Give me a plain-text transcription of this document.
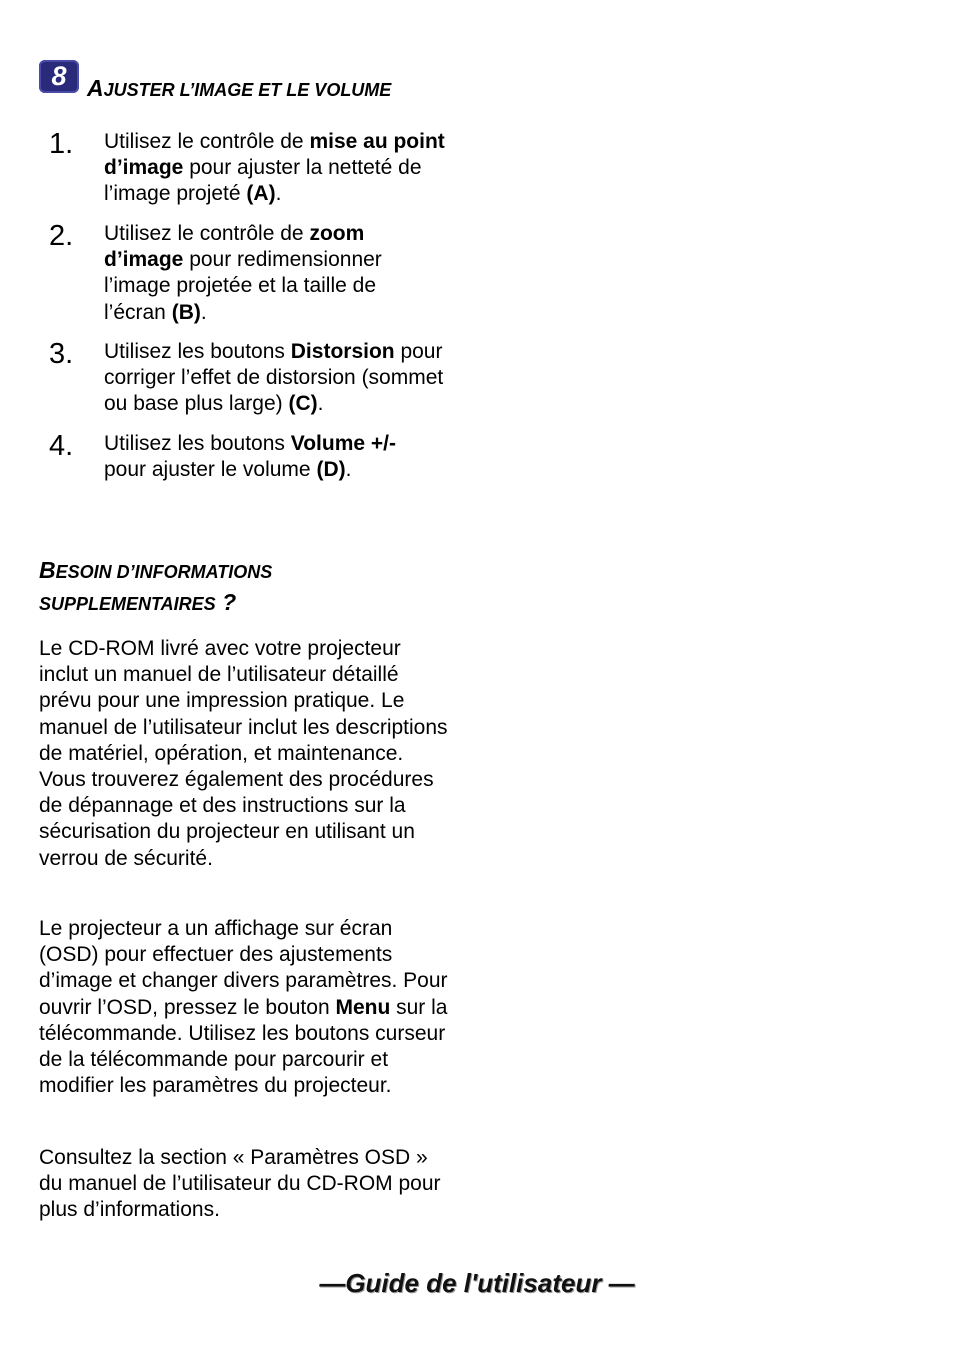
8 AJUSTER L’IMAGE ET LE VOLUME
1. Utilisez le contrôle de mise au point d’image pour ajuster la netteté de l’image projeté (A).

2. Utilisez le contrôle de zoom d’image pour redimensionner l’image projetée et la taille de l’écran (B).

3. Utilisez les boutons Distorsion pour corriger l’effet de distorsion (sommet ou base plus large) (C).

4. Utilisez les boutons Volume +/- pour ajuster le volume (D).

BESOIN D’INFORMATIONS
SUPPLEMENTAIRES ?

Le CD-ROM livré avec votre projecteur inclut un manuel de l’utilisateur détaillé prévu pour une impression pratique. Le manuel de l’utilisateur inclut les descriptions de matériel, opération, et maintenance. Vous trouverez également des procédures de dépannage et des instructions sur la sécurisation du projecteur en utilisant un verrou de sécurité.

Le projecteur a un affichage sur écran (OSD) pour effectuer des ajustements d’image et changer divers paramètres. Pour ouvrir l’OSD, pressez le bouton Menu sur la télécommande. Utilisez les boutons curseur de la télécommande pour parcourir et modifier les paramètres du projecteur.

Consultez la section « Paramètres OSD » du manuel de l’utilisateur du CD-ROM pour plus d’informations.

—Guide de l'utilisateur —
